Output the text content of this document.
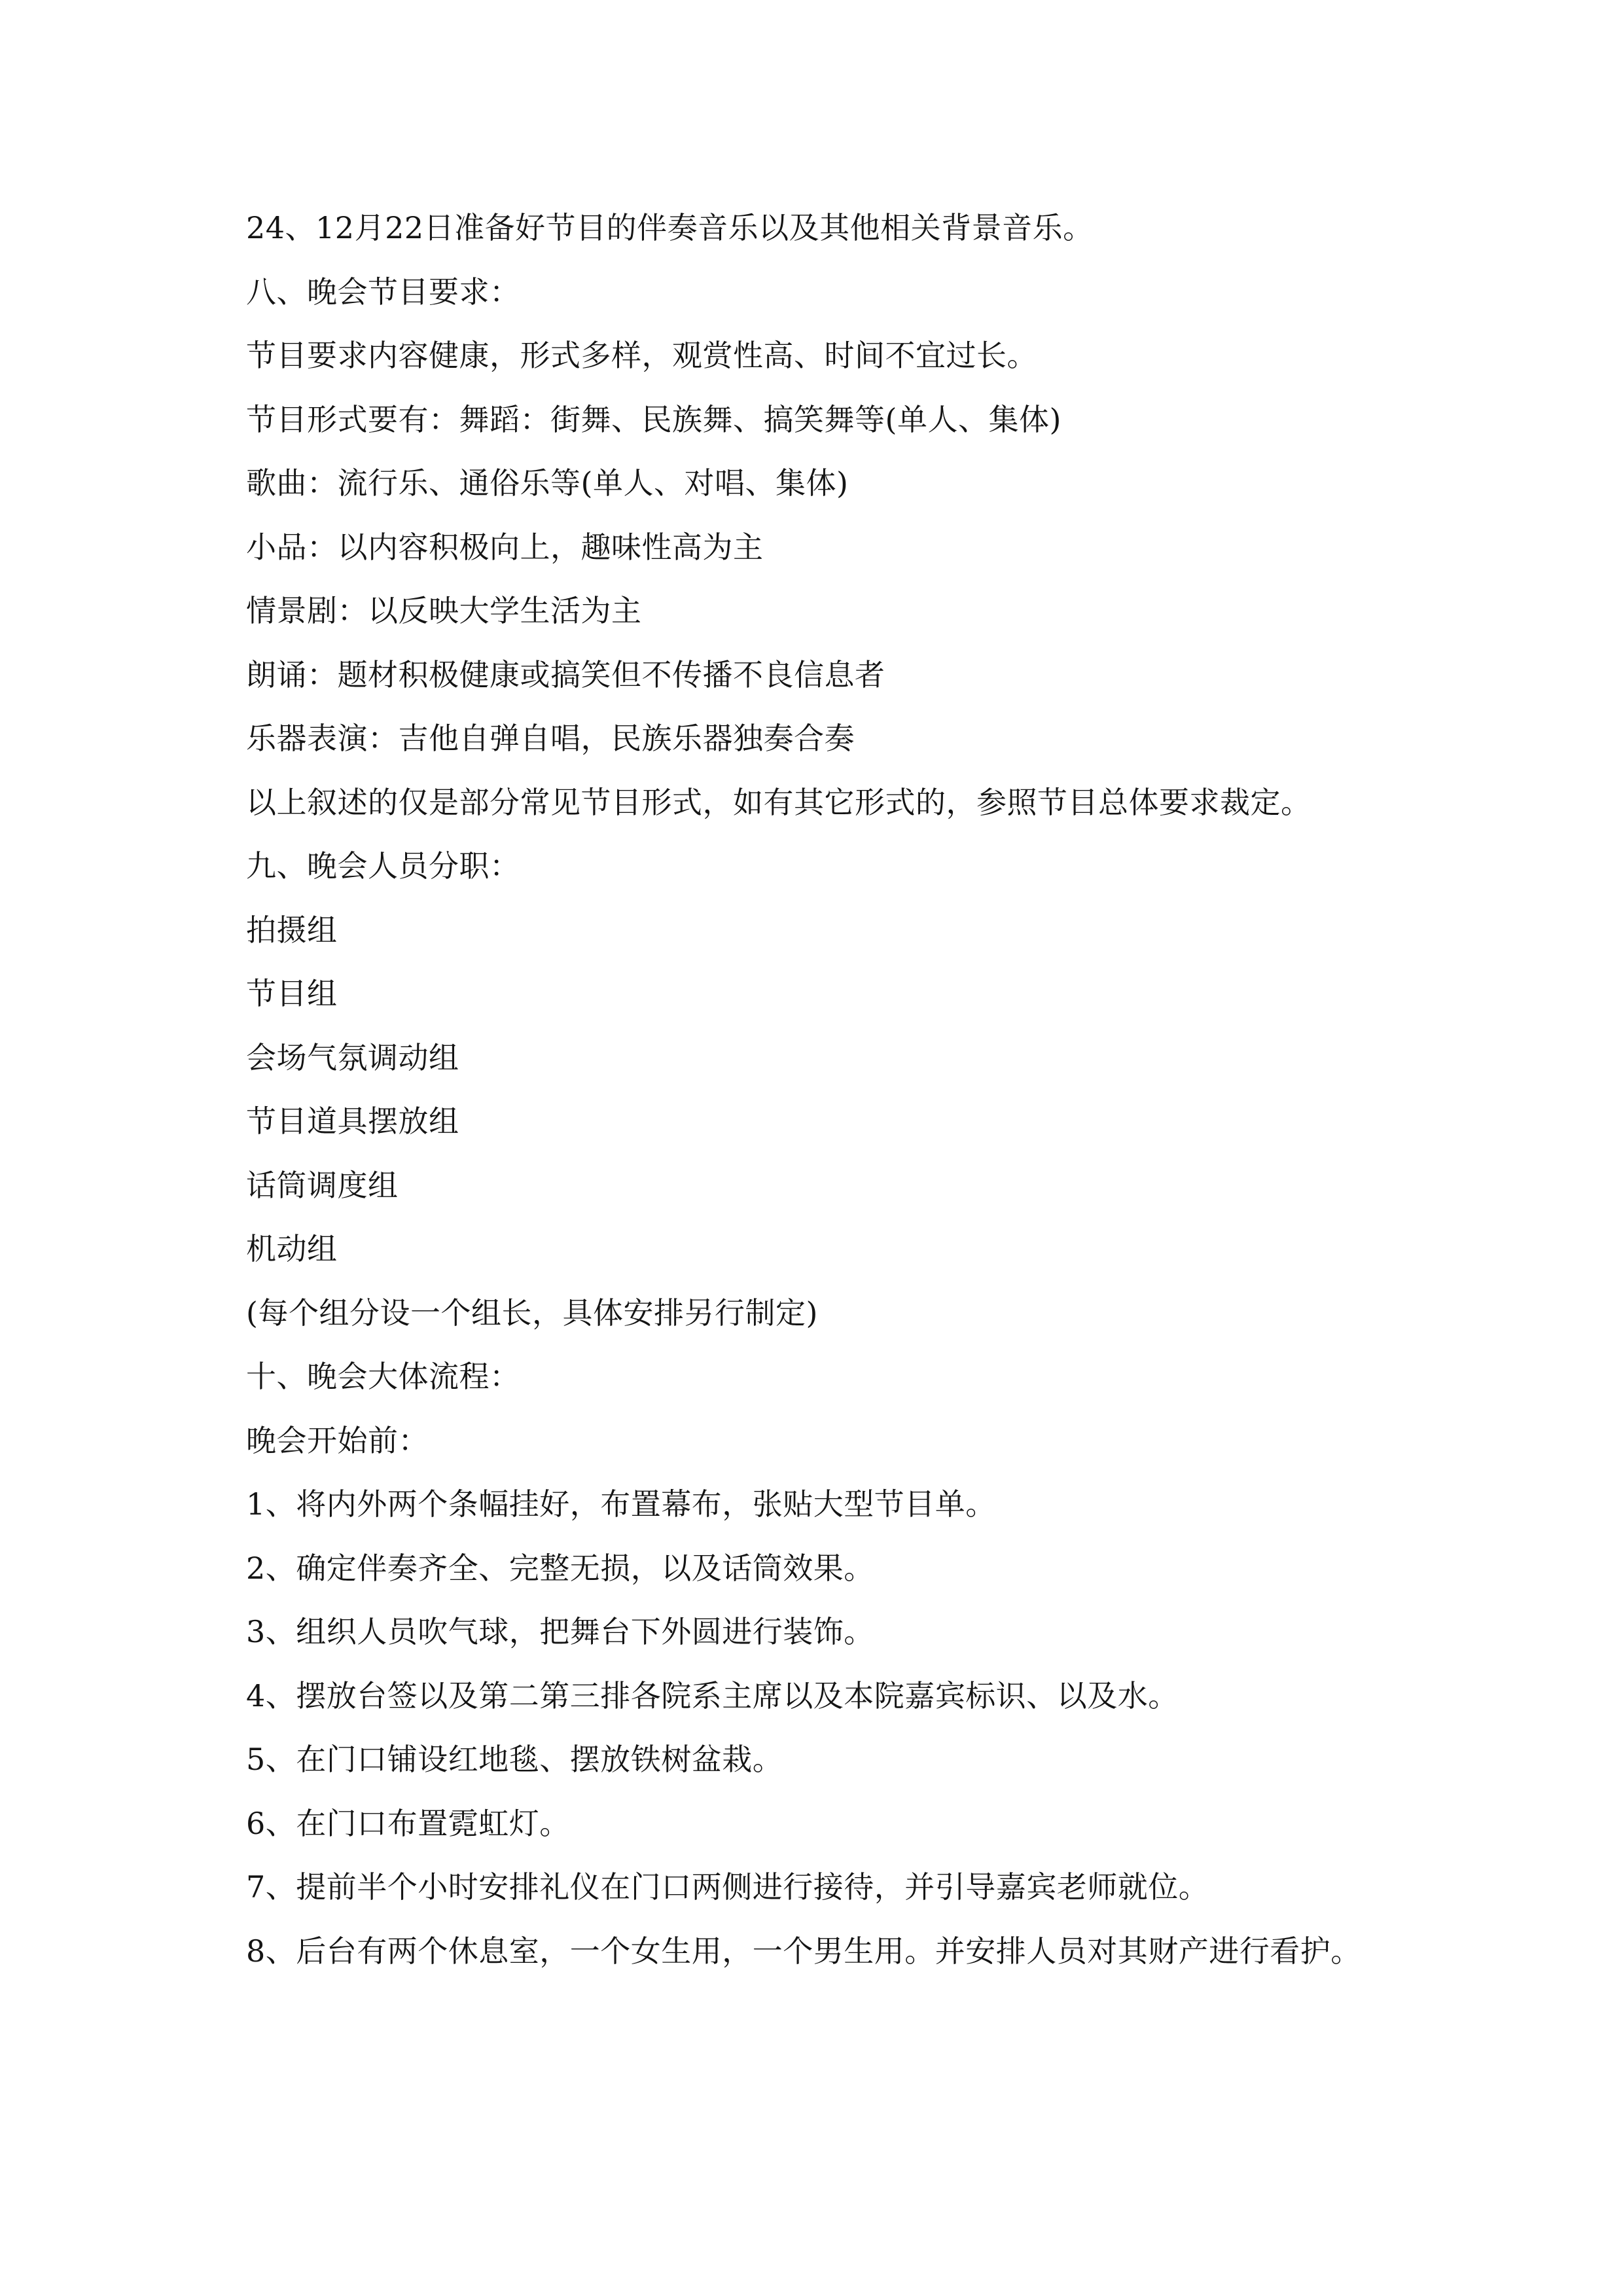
24、12月22日准备好节目的伴奏音乐以及其他相关背景音乐。
八、晚会节目要求：
节目要求内容健康，形式多样，观赏性高、时间不宜过长。
节目形式要有：舞蹈：街舞、民族舞、搞笑舞等(单人、集体)
歌曲：流行乐、通俗乐等(单人、对唱、集体)
小品：以内容积极向上，趣味性高为主
情景剧：以反映大学生活为主
朗诵：题材积极健康或搞笑但不传播不良信息者
乐器表演：吉他自弹自唱，民族乐器独奏合奏
以上叙述的仅是部分常见节目形式，如有其它形式的，参照节目总体要求裁定。
九、晚会人员分职：
拍摄组
节目组
会场气氛调动组
节目道具摆放组
话筒调度组
机动组
(每个组分设一个组长，具体安排另行制定)
十、晚会大体流程：
晚会开始前：
1、将内外两个条幅挂好，布置幕布，张贴大型节目单。
2、确定伴奏齐全、完整无损，以及话筒效果。
3、组织人员吹气球，把舞台下外圆进行装饰。
4、摆放台签以及第二第三排各院系主席以及本院嘉宾标识、以及水。
5、在门口铺设红地毯、摆放铁树盆栽。
6、在门口布置霓虹灯。
7、提前半个小时安排礼仪在门口两侧进行接待，并引导嘉宾老师就位。
8、后台有两个休息室，一个女生用，一个男生用。并安排人员对其财产进行看护。
